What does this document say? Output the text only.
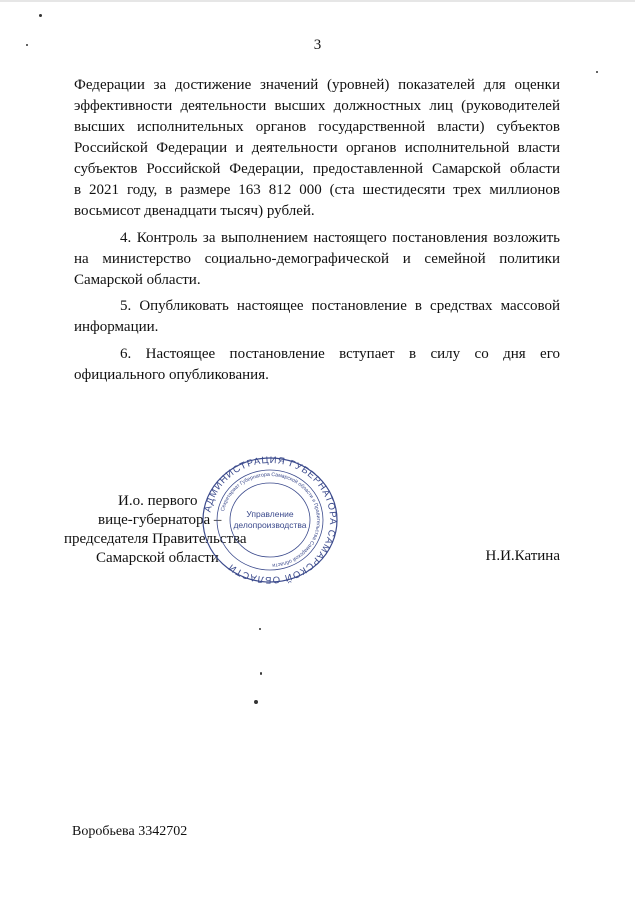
3
Федерации за достижение значений (уровней) показателей для оценки
эффективности деятельности высших должностных лиц (руководителей
высших исполнительных органов государственной власти) субъектов
Российской Федерации и деятельности органов исполнительной власти
субъектов Российской Федерации, предоставленной Самарской области
в 2021 году, в размере 163 812 000 (ста шестидесяти трех миллионов
восьмисот двенадцати тысяч) рублей.
4. Контроль за выполнением настоящего постановления возложить
на министерство социально-демографической и семейной политики
Самарской области.
5. Опубликовать настоящее постановление в средствах массовой
информации.
6. Настоящее постановление вступает в силу со дня его
официального опубликования.
И.о. первого
вице-губернатора –
председателя Правительства
Самарской области
АДМИНИСТРАЦИЯ ГУБЕРНАТОРА САМАРСКОЙ ОБЛАСТИ
Секретариат Губернатора Самарской области и Правительства Самарской области
Управление
делопроизводства
Н.И.Катина
Воробьева 3342702
